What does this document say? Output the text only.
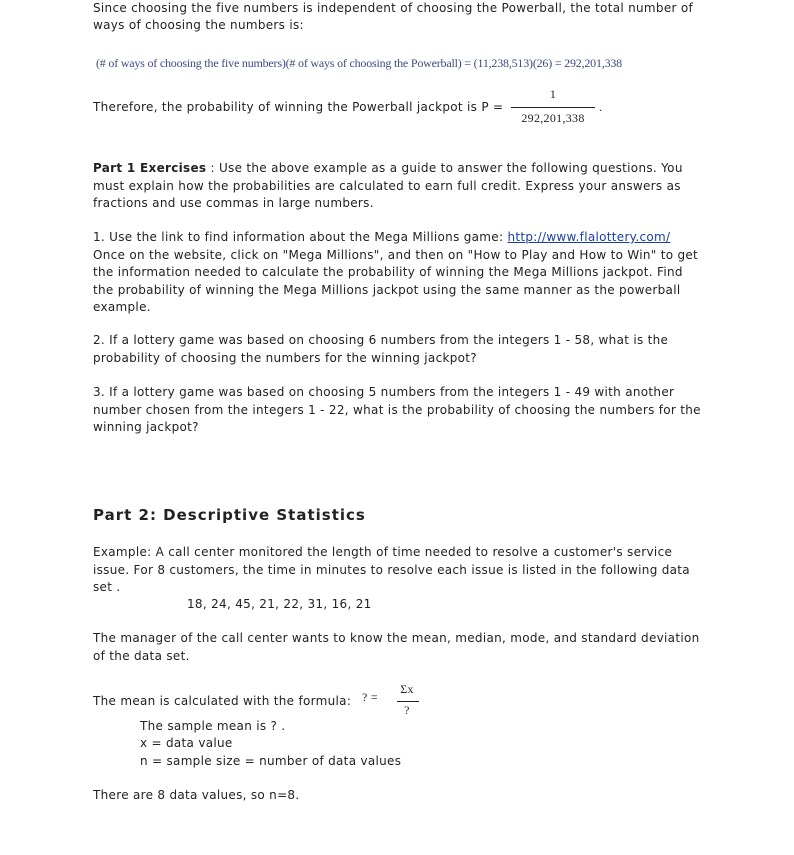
Since choosing the five numbers is independent of choosing the Powerball, the total number of

ways of choosing the numbers is:

(# of ways of choosing the five numbers)(# of ways of choosing the Powerball) = (11,238,513)(26) = 292,201,338

Therefore, the probability of winning the Powerball jackpot is P =

1
292,201,338
.

Part 1 Exercises : Use the above example as a guide to answer the following questions. You must explain how the probabilities are calculated to earn full credit. Express your answers as fractions and use commas in large numbers.

1. Use the link to find information about the Mega Millions game: http://www.flalottery.com/ Once on the website, click on "Mega Millions", and then on "How to Play and How to Win" to get the information needed to calculate the probability of winning the Mega Millions jackpot. Find the probability of winning the Mega Millions jackpot using the same manner as the powerball example.

2. If a lottery game was based on choosing 6 numbers from the integers 1 - 58, what is the probability of choosing the numbers for the winning jackpot?

3. If a lottery game was based on choosing 5 numbers from the integers 1 - 49 with another number chosen from the integers 1 - 22, what is the probability of choosing the numbers for the winning jackpot?

Part 2: Descriptive Statistics

Example: A call center monitored the length of time needed to resolve a customer's service issue. For 8 customers, the time in minutes to resolve each issue is listed in the following data set .

18, 24, 45, 21, 22, 31, 16, 21

The manager of the call center wants to know the mean, median, mode, and standard deviation of the data set.

The mean is calculated with the formula: ? =
Σx
?

The sample mean is ? .

x = data value

n = sample size = number of data values

There are 8 data values, so n=8.
